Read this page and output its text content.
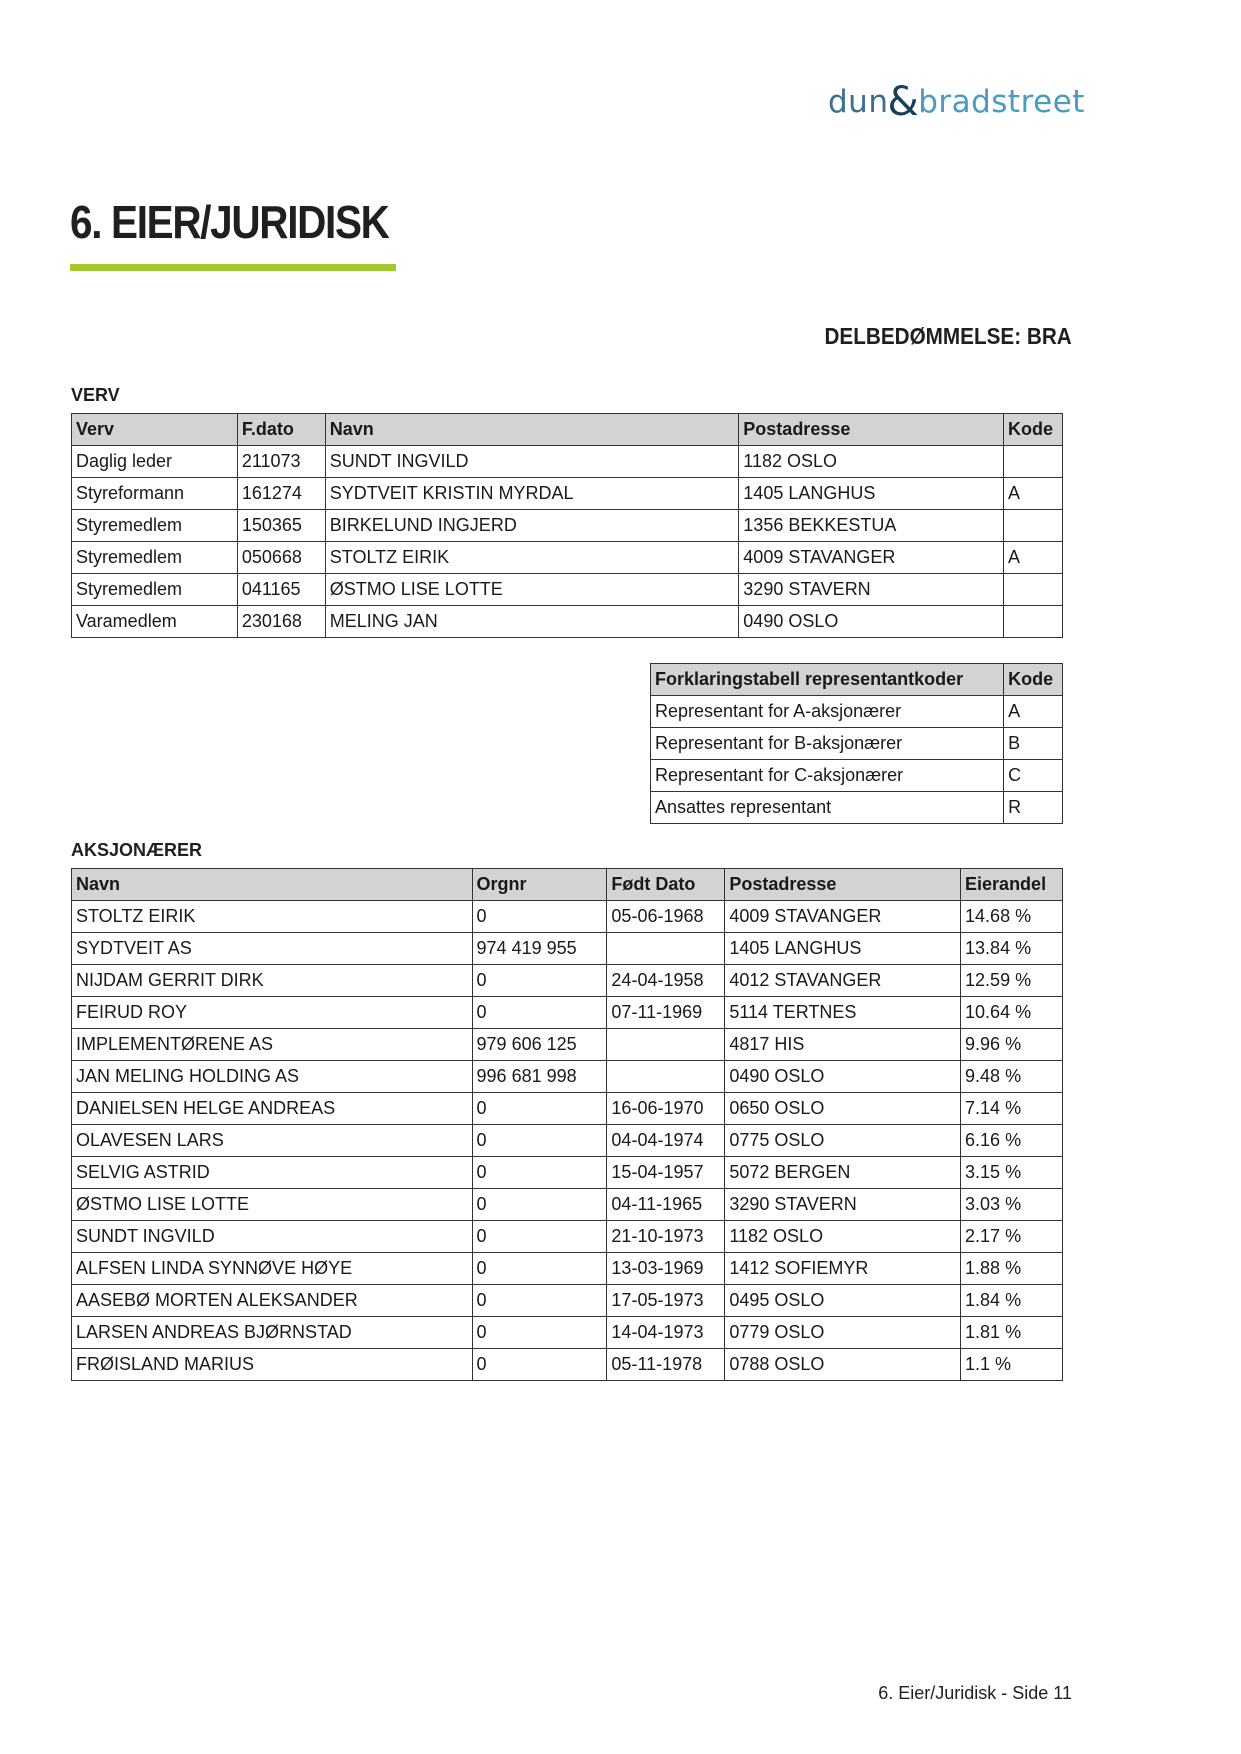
dun&bradstreet
6. EIER/JURIDISK
DELBEDØMMELSE: BRA
VERV
Verv	F.dato	Navn	Postadresse	Kode
Daglig leder	211073	SUNDT INGVILD	1182 OSLO	
Styreformann	161274	SYDTVEIT KRISTIN MYRDAL	1405 LANGHUS	A
Styremedlem	150365	BIRKELUND INGJERD	1356 BEKKESTUA	
Styremedlem	050668	STOLTZ EIRIK	4009 STAVANGER	A
Styremedlem	041165	ØSTMO LISE LOTTE	3290 STAVERN	
Varamedlem	230168	MELING JAN	0490 OSLO	
Forklaringstabell representantkoder	Kode
Representant for A-aksjonærer	A
Representant for B-aksjonærer	B
Representant for C-aksjonærer	C
Ansattes representant	R
AKSJONÆRER
Navn	Orgnr	Født Dato	Postadresse	Eierandel
STOLTZ EIRIK	0	05-06-1968	4009 STAVANGER	14.68 %
SYDTVEIT AS	974 419 955		1405 LANGHUS	13.84 %
NIJDAM GERRIT DIRK	0	24-04-1958	4012 STAVANGER	12.59 %
FEIRUD ROY	0	07-11-1969	5114 TERTNES	10.64 %
IMPLEMENTØRENE AS	979 606 125		4817 HIS	9.96 %
JAN MELING HOLDING AS	996 681 998		0490 OSLO	9.48 %
DANIELSEN HELGE ANDREAS	0	16-06-1970	0650 OSLO	7.14 %
OLAVESEN LARS	0	04-04-1974	0775 OSLO	6.16 %
SELVIG ASTRID	0	15-04-1957	5072 BERGEN	3.15 %
ØSTMO LISE LOTTE	0	04-11-1965	3290 STAVERN	3.03 %
SUNDT INGVILD	0	21-10-1973	1182 OSLO	2.17 %
ALFSEN LINDA SYNNØVE HØYE	0	13-03-1969	1412 SOFIEMYR	1.88 %
AASEBØ MORTEN ALEKSANDER	0	17-05-1973	0495 OSLO	1.84 %
LARSEN ANDREAS BJØRNSTAD	0	14-04-1973	0779 OSLO	1.81 %
FRØISLAND MARIUS	0	05-11-1978	0788 OSLO	1.1 %
6. Eier/Juridisk - Side 11
